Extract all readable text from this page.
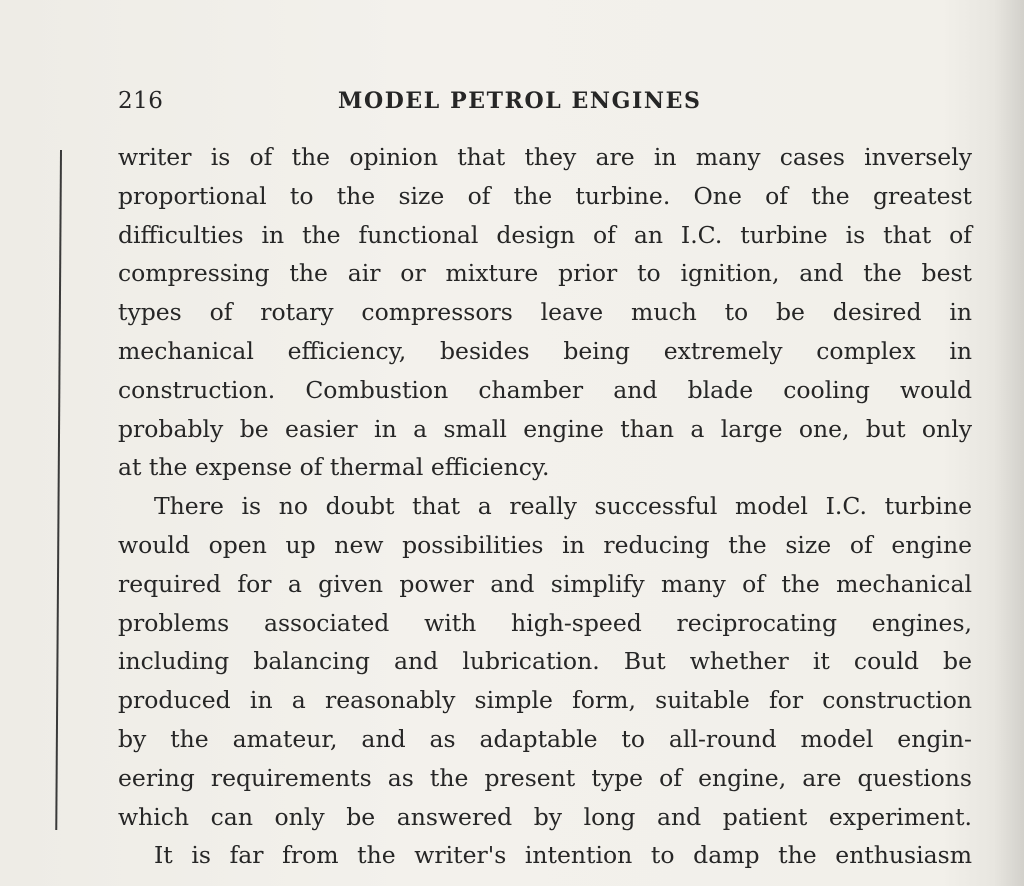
216	MODEL PETROL ENGINES
writer is of the opinion that they are in many cases inversely
proportional to the size of the turbine. One of the greatest
difficulties in the functional design of an I.C. turbine is that of
compressing the air or mixture prior to ignition, and the best
types of rotary compressors leave much to be desired in
mechanical efficiency, besides being extremely complex in
construction. Combustion chamber and blade cooling would
probably be easier in a small engine than a large one, but only
at the expense of thermal efficiency.
There is no doubt that a really successful model I.C. turbine
would open up new possibilities in reducing the size of engine
required for a given power and simplify many of the mechanical
problems associated with high-speed reciprocating engines,
including balancing and lubrication. But whether it could be
produced in a reasonably simple form, suitable for construction
by the amateur, and as adaptable to all-round model engin-
eering requirements as the present type of engine, are questions
which can only be answered by long and patient experiment.
It is far from the writer's intention to damp the enthusiasm
